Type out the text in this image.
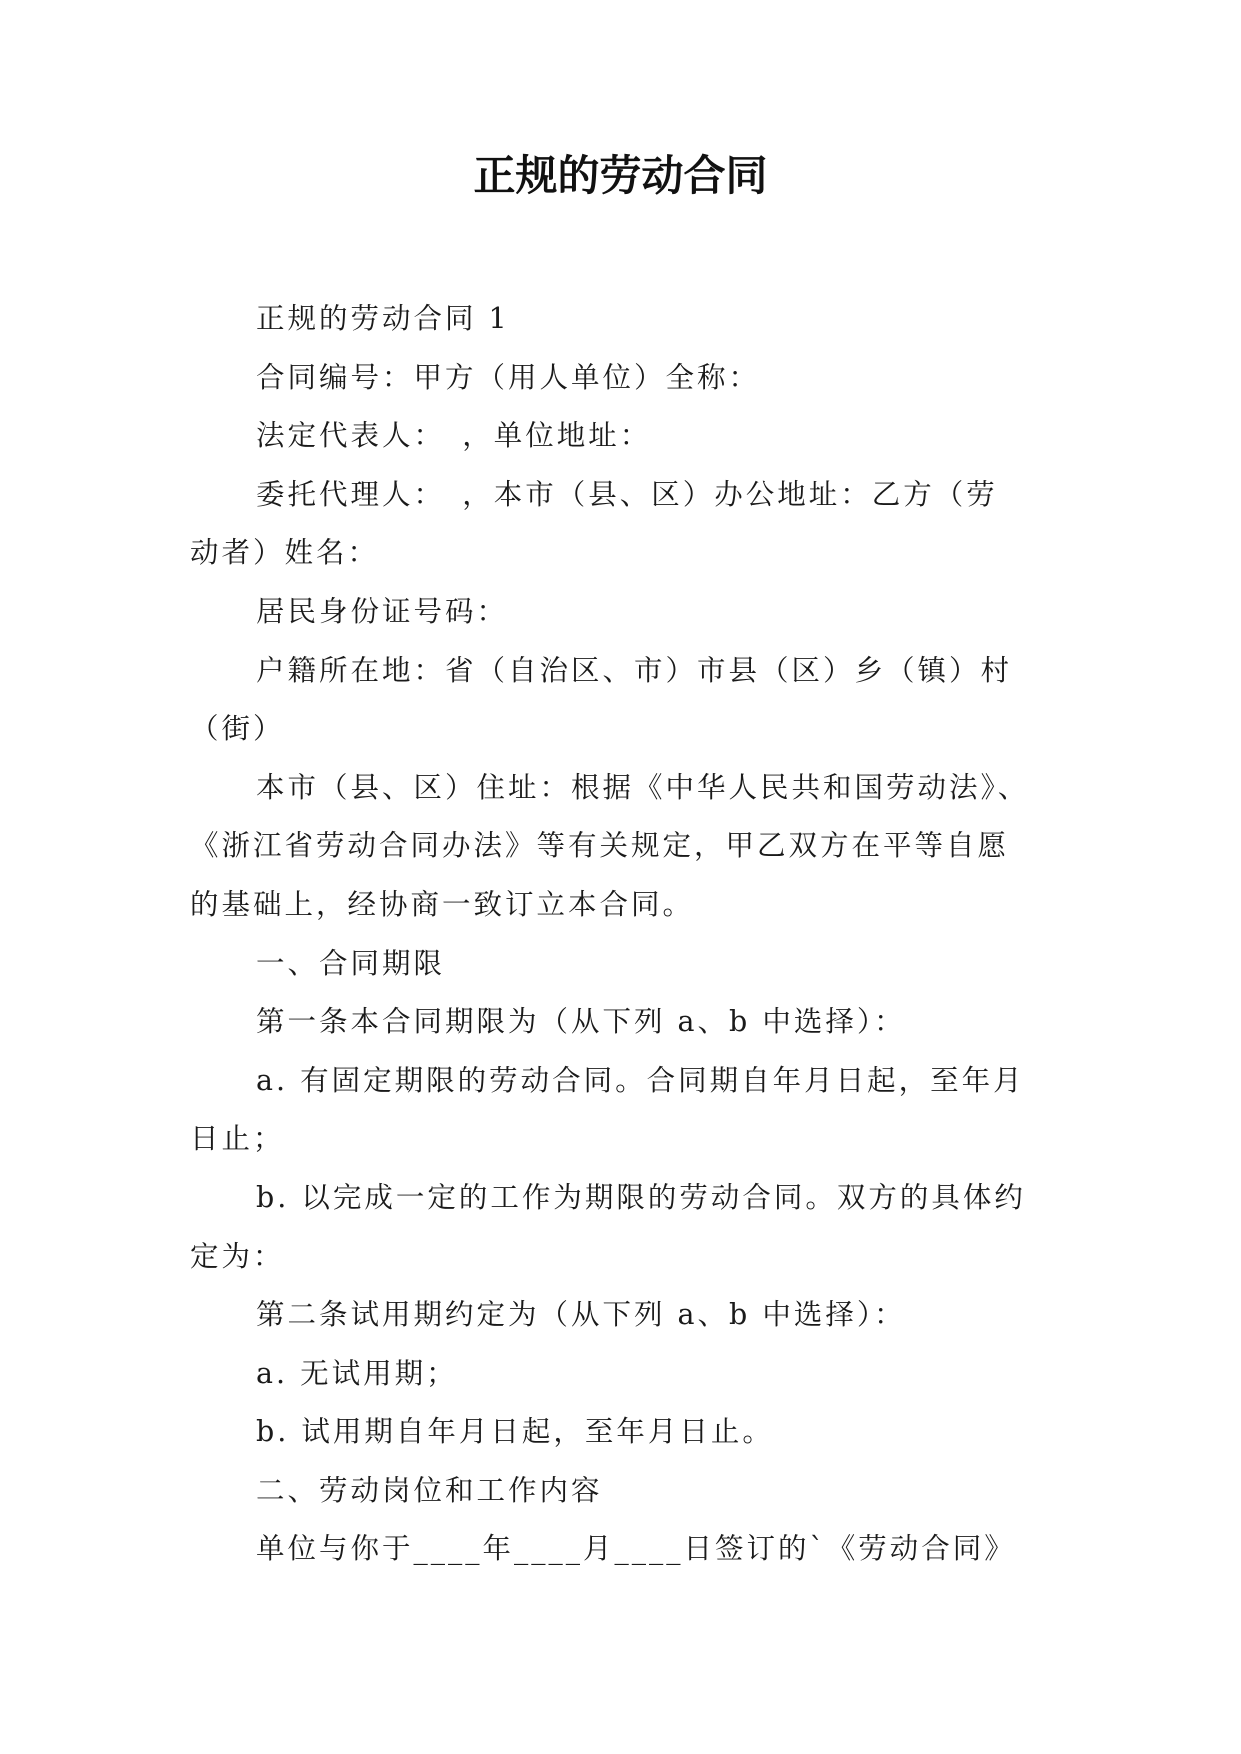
正规的劳动合同
正规的劳动合同 1
合同编号：甲方（用人单位）全称：
法定代表人：　，单位地址：
委托代理人：　，本市（县、区）办公地址：乙方（劳
动者）姓名：
居民身份证号码：
户籍所在地：省（自治区、市）市县（区）乡（镇）村
（街）
本市（县、区）住址：根据《中华人民共和国劳动法》、
《浙江省劳动合同办法》等有关规定，甲乙双方在平等自愿
的基础上，经协商一致订立本合同。
一、合同期限
第一条本合同期限为（从下列 a、b 中选择）：
a. 有固定期限的劳动合同。合同期自年月日起，至年月
日止；
b. 以完成一定的工作为期限的劳动合同。双方的具体约
定为：
第二条试用期约定为（从下列 a、b 中选择）：
a. 无试用期；
b. 试用期自年月日起，至年月日止。
二、劳动岗位和工作内容
单位与你于____年____月____日签订的`《劳动合同》
